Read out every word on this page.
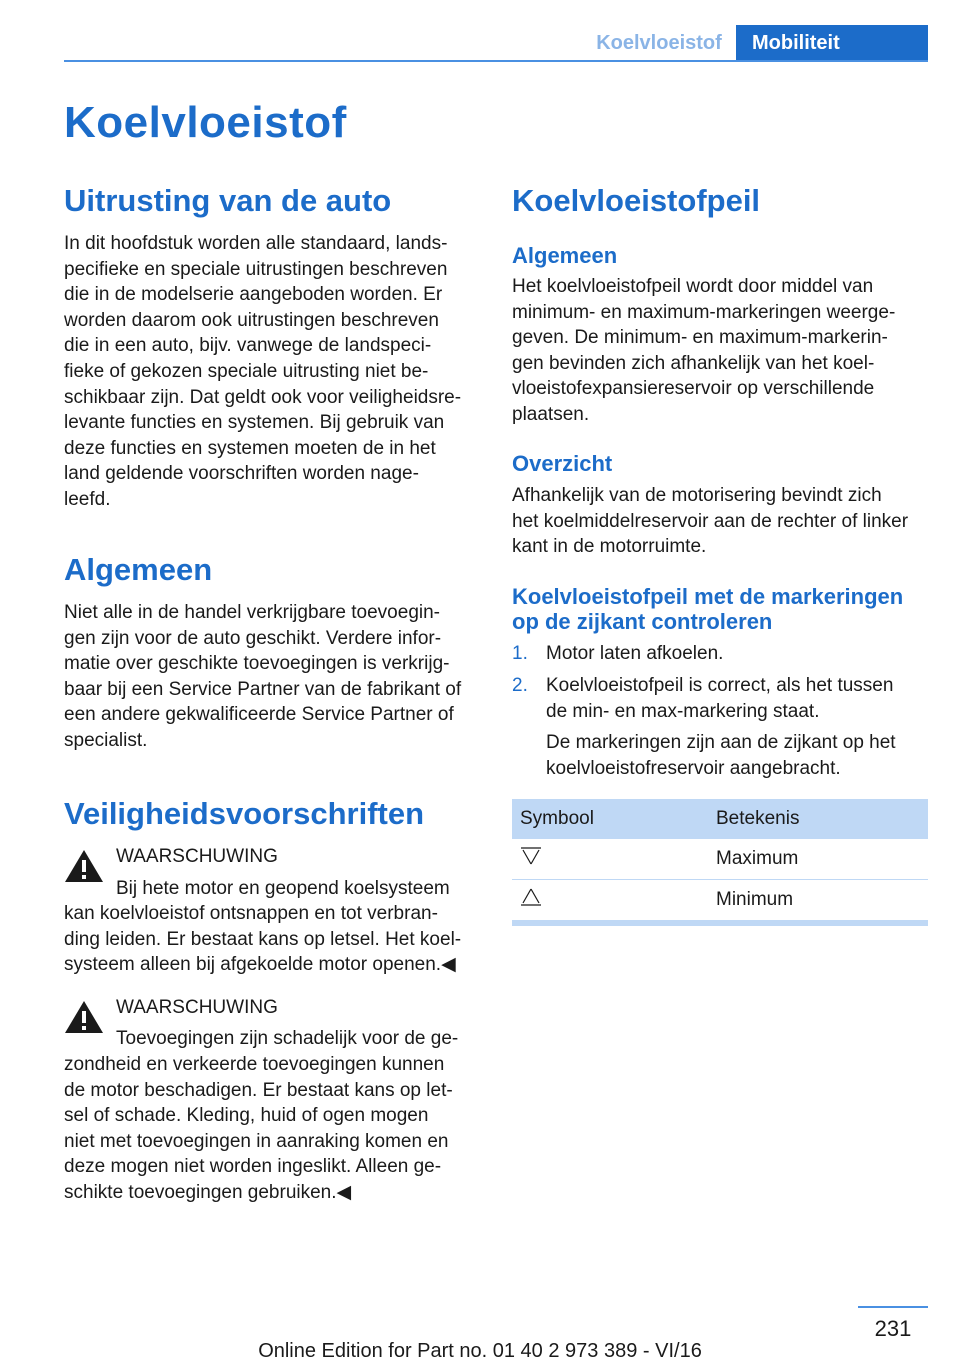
Koelvloeistof	Mobiliteit
Koelvloeistof
Uitrusting van de auto
In dit hoofdstuk worden alle standaard, lands-
pecifieke en speciale uitrustingen beschreven
die in de modelserie aangeboden worden. Er
worden daarom ook uitrustingen beschreven
die in een auto, bijv. vanwege de landspeci-
fieke of gekozen speciale uitrusting niet be-
schikbaar zijn. Dat geldt ook voor veiligheidsre-
levante functies en systemen. Bij gebruik van
deze functies en systemen moeten de in het
land geldende voorschriften worden nage-
leefd.
Algemeen
Niet alle in de handel verkrijgbare toevoegin-
gen zijn voor de auto geschikt. Verdere infor-
matie over geschikte toevoegingen is verkrijg-
baar bij een Service Partner van de fabrikant of
een andere gekwalificeerde Service Partner of
specialist.
Veiligheidsvoorschriften
WAARSCHUWING
Bij hete motor en geopend koelsysteem
kan koelvloeistof ontsnappen en tot verbran-
ding leiden. Er bestaat kans op letsel. Het koel-
systeem alleen bij afgekoelde motor openen.◀
WAARSCHUWING
Toevoegingen zijn schadelijk voor de ge-
zondheid en verkeerde toevoegingen kunnen
de motor beschadigen. Er bestaat kans op let-
sel of schade. Kleding, huid of ogen mogen
niet met toevoegingen in aanraking komen en
deze mogen niet worden ingeslikt. Alleen ge-
schikte toevoegingen gebruiken.◀
Koelvloeistofpeil
Algemeen
Het koelvloeistofpeil wordt door middel van
minimum- en maximum-markeringen weerge-
geven. De minimum- en maximum-markerin-
gen bevinden zich afhankelijk van het koel-
vloeistofexpansiereservoir op verschillende
plaatsen.
Overzicht
Afhankelijk van de motorisering bevindt zich
het koelmiddelreservoir aan de rechter of linker
kant in de motorruimte.
Koelvloeistofpeil met de markeringen
op de zijkant controleren
1. Motor laten afkoelen.
2. Koelvloeistofpeil is correct, als het tussen
de min- en max-markering staat.
De markeringen zijn aan de zijkant op het
koelvloeistofreservoir aangebracht.
Symbool	Betekenis
	Maximum
	Minimum
231
Online Edition for Part no. 01 40 2 973 389 - VI/16
